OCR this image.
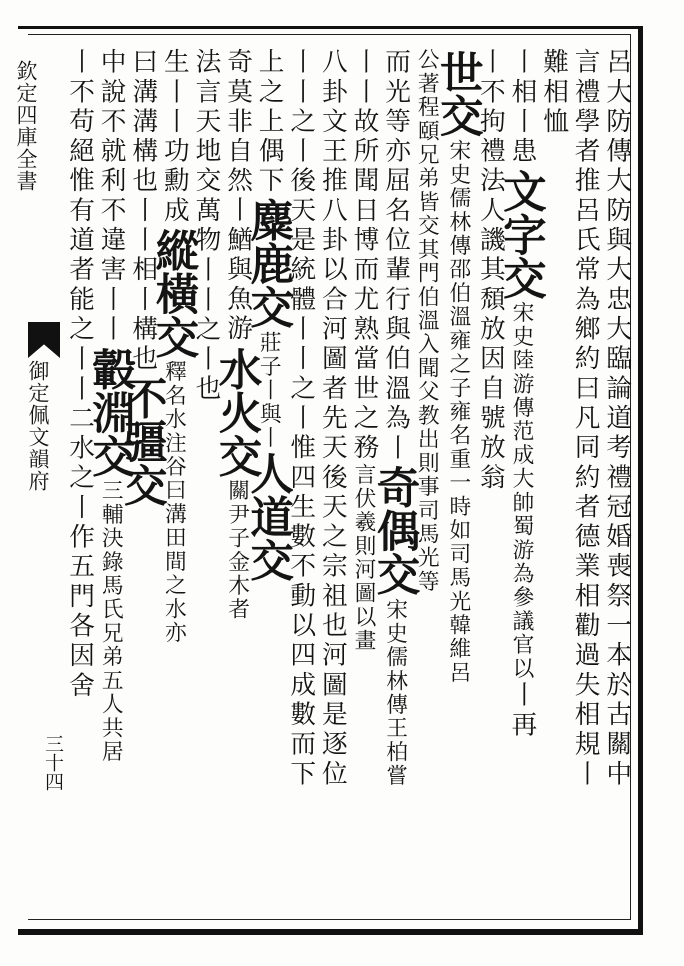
欽定四庫全書
御定佩文韻府
三十四	呂大防傳大防與大忠大臨論道考禮冠婚喪祭一本於古關中
言禮學者推呂氏常為鄉約曰凡同約者德業相勸過失相規丨
難相恤
丨相丨患
文字交
宋史陸游傳范成大帥蜀游為參議官以
丨再
丨不拘禮法人譏其頹放因自號放翁
世交
宋史儒林傳邵伯溫雍之子雍名重一時如司馬光韓維呂
公著程頤兄弟皆交其門伯溫入聞父教出則事司馬光等
而光等亦屈名位輩行與伯溫為
丨
奇偶交
宋史儒林傳王柏嘗
丨丨故所聞日博而尤熟當世之務
言伏羲則河圖以畫
八卦文王推八卦以合河圖者先天後天之宗祖也河圖是逐位
丨丨之丨後天是統體丨丨之丨惟四生數不動以四成數而下
上之上偶下
麋鹿交
莊子丨與丨
人道交
奇莫非自然
丨鰌與魚游
水火交
關尹子金木者
法言天地交萬物
丨丨之丨也
生丨丨功勳成
縱橫交
釋名水注谷曰溝田間之水亦
曰溝溝構也丨丨相丨構也
不彊交
中說不就利不違害丨丨
轂淵交
三輔決錄馬氏兄弟五人共居
丨不苟絕惟有道者能之
丨丨二水之丨作五門各因舍
